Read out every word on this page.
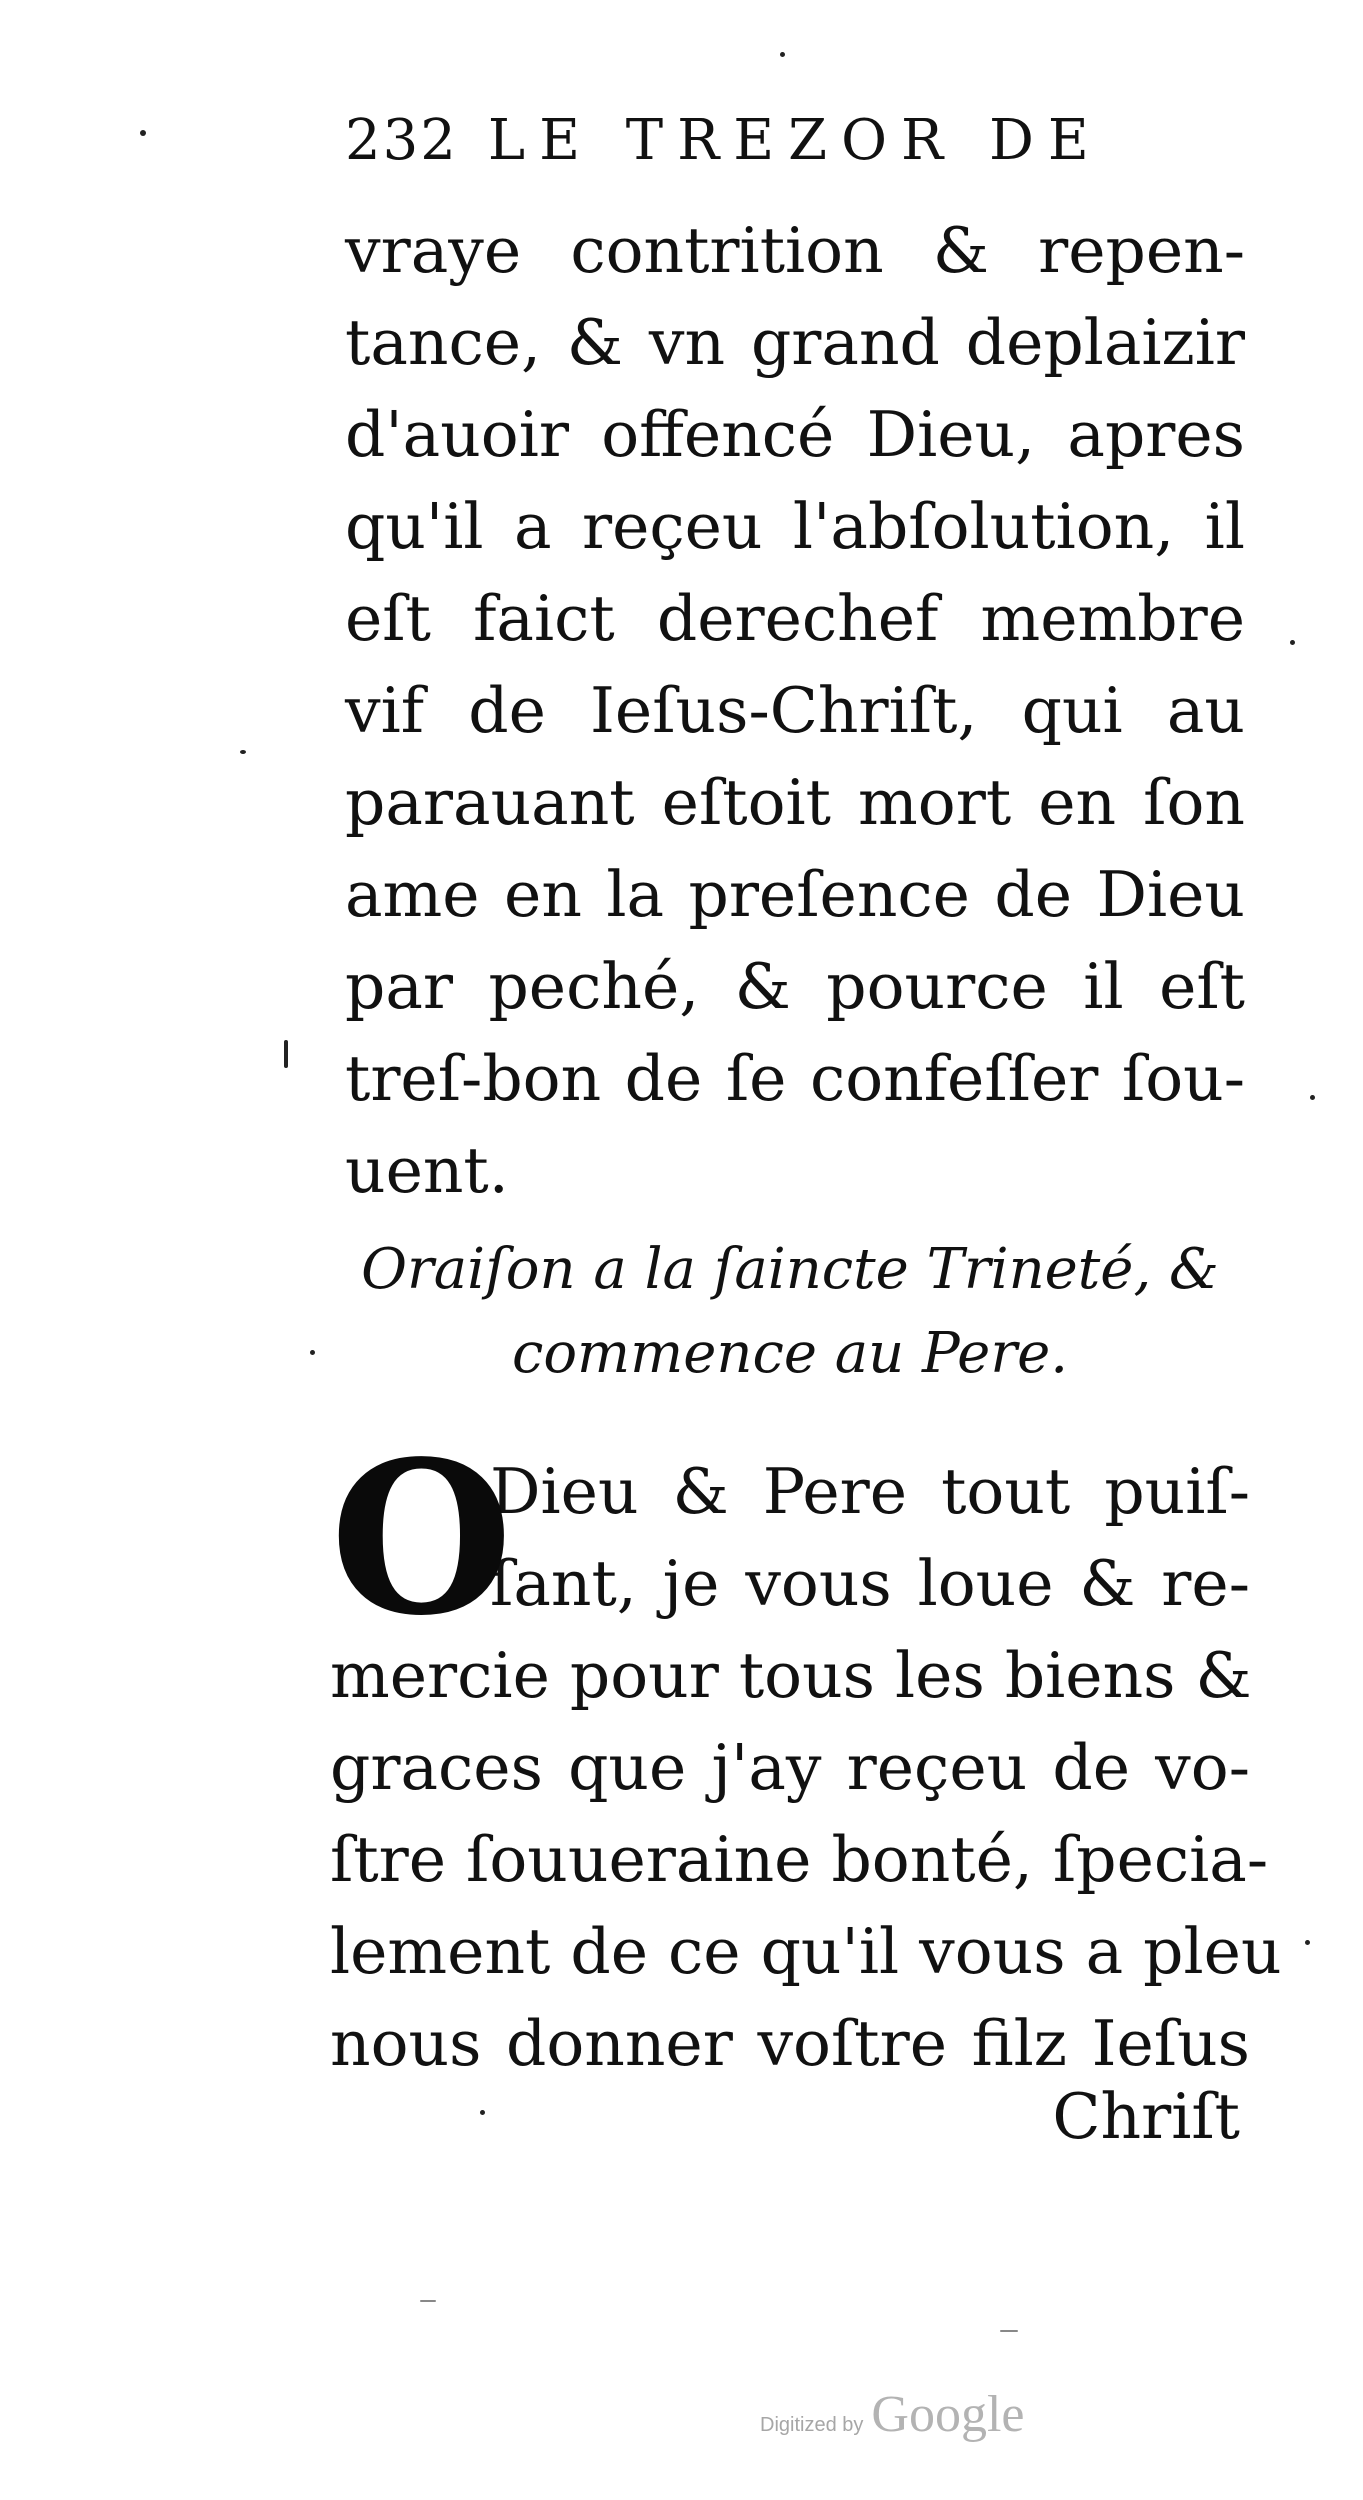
232 LE TREZOR DE
vraye contrition & repen-
tance, & vn grand deplaizir
d'auoir offencé Dieu, apres
qu'il a reçeu l'abſolution, il
eſt faict derechef membre
vif de Ieſus-Chriſt, qui au
parauant eſtoit mort en ſon
ame en la preſence de Dieu
par peché, & pource il eſt
treſ-bon de ſe confeſſer ſou-
uent.
Oraiſon a la ſaincte Trineté, &
commence au Pere.
O
Dieu & Pere tout puiſ-
ſant, je vous loue & re-
mercie pour tous les biens &
graces que j'ay reçeu de vo-
ſtre ſouueraine bonté, ſpecia-
lement de ce qu'il vous a pleu
nous donner voſtre filz Ieſus
Chriſt
Digitized by Google
